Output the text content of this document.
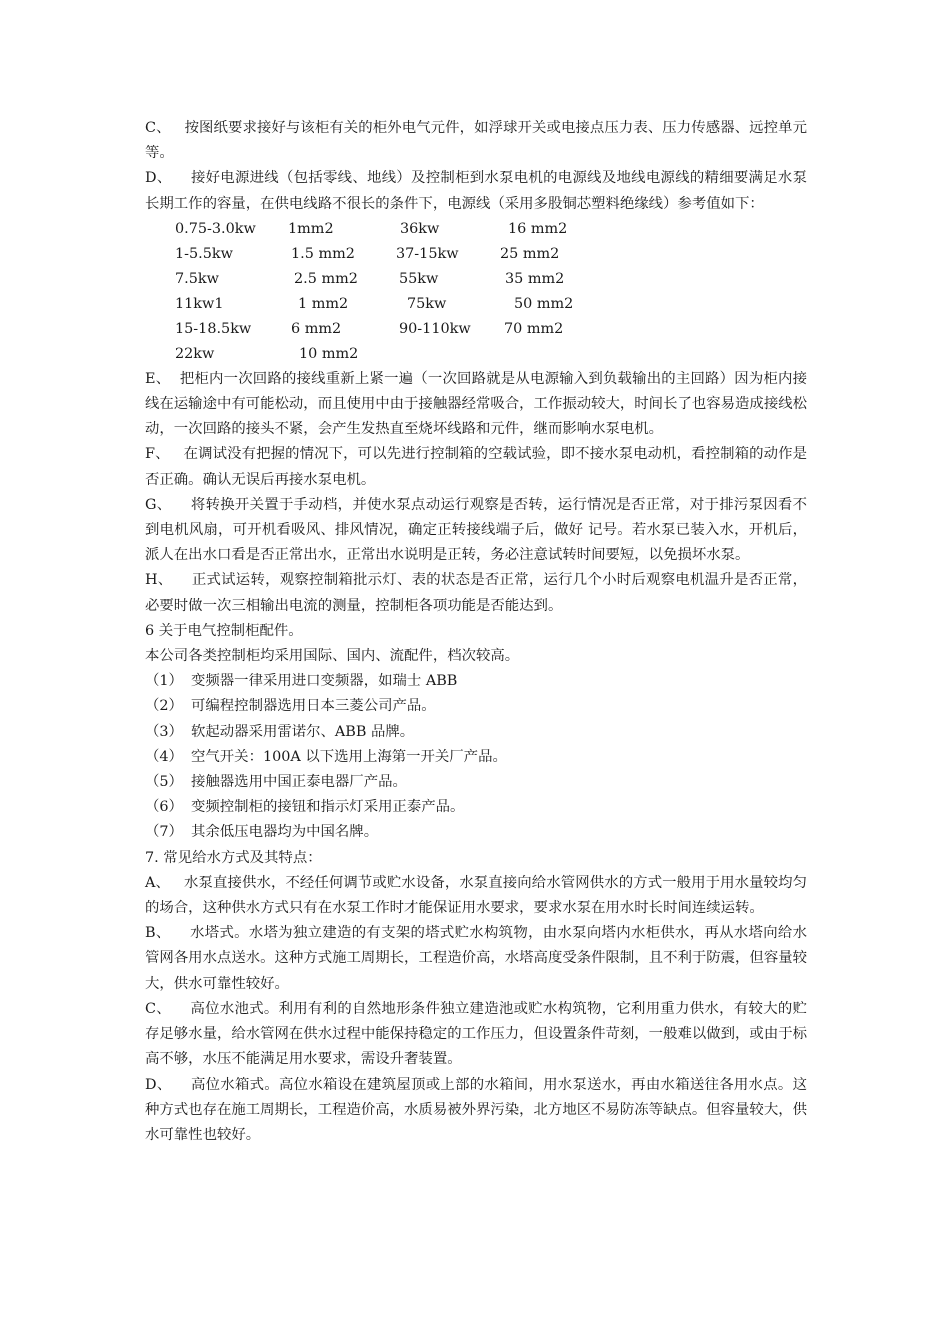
C、 按图纸要求接好与该柜有关的柜外电气元件，如浮球开关或电接点压力表、压力传感器、远控单元等。

D、 接好电源进线（包括零线、地线）及控制柜到水泵电机的电源线及地线电源线的精细要满足水泵长期工作的容量，在供电线路不很长的条件下，电源线（采用多股铜芯塑料绝缘线）参考值如下：

0.75-3.0kw 1mm2	36kw	16 mm2
1-5.5kw	1.5 mm2	37-15kw	25 mm2
7.5kw	2.5 mm2	55kw	35 mm2
11kw1	1 mm2	75kw	50 mm2
15-18.5kw	6 mm2	90-110kw 70 mm2
22kw	10 mm2

E、 把柜内一次回路的接线重新上紧一遍（一次回路就是从电源输入到负载输出的主回路）因为柜内接线在运输途中有可能松动，而且使用中由于接触器经常吸合，工作振动较大，时间长了也容易造成接线松动，一次回路的接头不紧，会产生发热直至烧坏线路和元件，继而影响水泵电机。

F、 在调试没有把握的情况下，可以先进行控制箱的空载试验，即不接水泵电动机，看控制箱的动作是否正确。确认无误后再接水泵电机。

G、 将转换开关置于手动档，并使水泵点动运行观察是否转，运行情况是否正常，对于排污泵因看不到电机风扇，可开机看吸风、排风情况，确定正转接线端子后，做好 记号。若水泵已装入水，开机后，派人在出水口看是否正常出水，正常出水说明是正转，务必注意试转时间要短，以免损坏水泵。

H、 正式试运转，观察控制箱批示灯、表的状态是否正常，运行几个小时后观察电机温升是否正常，必要时做一次三相输出电流的测量，控制柜各项功能是否能达到。

6 关于电气控制柜配件。

本公司各类控制柜均采用国际、国内、流配件，档次较高。

（1） 变频器一律采用进口变频器，如瑞士 ABB

（2） 可编程控制器选用日本三菱公司产品。

（3） 软起动器采用雷诺尔、ABB 品牌。

（4） 空气开关：100A 以下选用上海第一开关厂产品。

（5） 接触器选用中国正泰电器厂产品。

（6） 变频控制柜的接钮和指示灯采用正泰产品。

（7） 其余低压电器均为中国名牌。

7. 常见给水方式及其特点：

A、 水泵直接供水，不经任何调节或贮水设备，水泵直接向给水管网供水的方式一般用于用水量较均匀的场合，这种供水方式只有在水泵工作时才能保证用水要求，要求水泵在用水时长时间连续运转。

B、 水塔式。水塔为独立建造的有支架的塔式贮水构筑物，由水泵向塔内水柜供水，再从水塔向给水管网各用水点送水。这种方式施工周期长，工程造价高，水塔高度受条件限制，且不利于防震，但容量较大，供水可靠性较好。

C、 高位水池式。利用有利的自然地形条件独立建造池或贮水构筑物，它利用重力供水，有较大的贮存足够水量，给水管网在供水过程中能保持稳定的工作压力，但设置条件苛刻，一般难以做到，或由于标高不够，水压不能满足用水要求，需设升奢装置。

D、 高位水箱式。高位水箱设在建筑屋顶或上部的水箱间，用水泵送水，再由水箱送往各用水点。这种方式也存在施工周期长，工程造价高，水质易被外界污染，北方地区不易防冻等缺点。但容量较大，供水可靠性也较好。
